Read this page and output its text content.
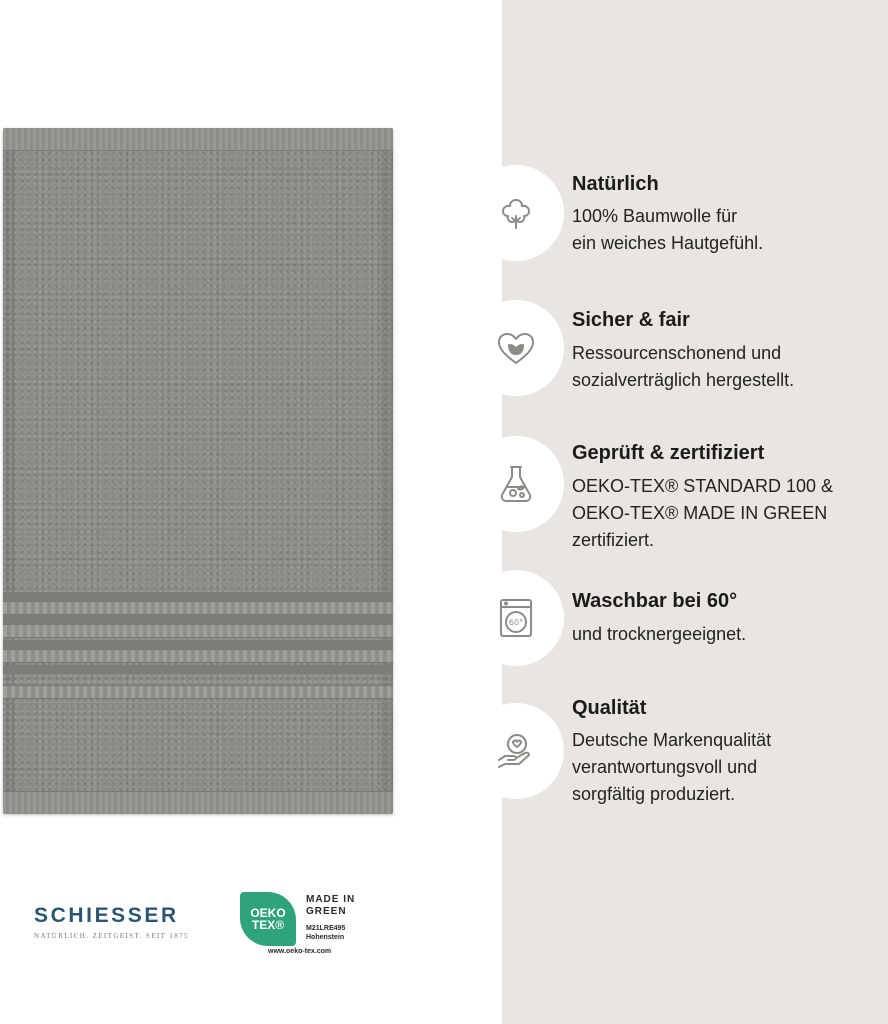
Natürlich
100% Baumwolle für
ein weiches Hautgefühl.
Sicher & fair
Ressourcenschonend und
sozialverträglich hergestellt.
Geprüft & zertifiziert
OEKO-TEX® STANDARD 100 &
OEKO-TEX® MADE IN GREEN
zertifiziert.
60°
Waschbar bei 60°
und trocknergeeignet.
Qualität
Deutsche Markenqualität
verantwortungsvoll und
sorgfältig produziert.
SCHIESSER
NATÜRLICH. ZEITGEIST. SEIT 1875
OEKO
TEX®
MADE IN
GREEN
M21LRE495
Hohenstein
www.oeko-tex.com
